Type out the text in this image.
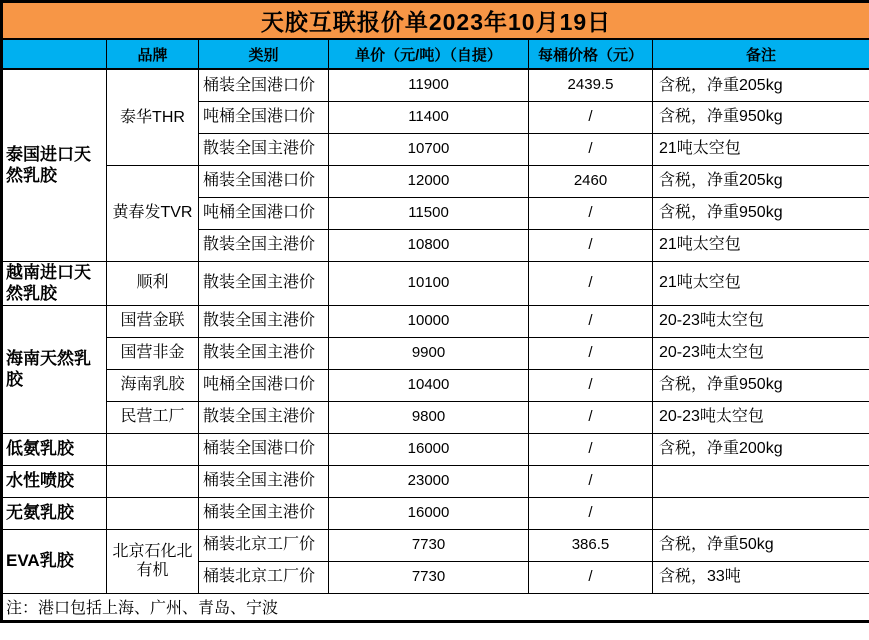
天胶互联报价单2023年10月19日					
	品牌	类别	单价（元/吨）（自提）	每桶价格（元）	备注
泰国进口天然乳胶	泰华THR	桶装全国港口价	11900	2439.5	含税，净重205kg
		吨桶全国港口价	11400	/	含税，净重950kg
		散装全国主港价	10700	/	21吨太空包
	黄春发TVR	桶装全国港口价	12000	2460	含税，净重205kg
		吨桶全国港口价	11500	/	含税，净重950kg
		散装全国主港价	10800	/	21吨太空包
越南进口天然乳胶	顺利	散装全国主港价	10100	/	21吨太空包
海南天然乳胶	国营金联	散装全国主港价	10000	/	20-23吨太空包
	国营非金	散装全国主港价	9900	/	20-23吨太空包
	海南乳胶	吨桶全国港口价	10400	/	含税，净重950kg
	民营工厂	散装全国主港价	9800	/	20-23吨太空包
低氨乳胶		桶装全国港口价	16000	/	含税，净重200kg
水性喷胶		桶装全国主港价	23000	/	
无氨乳胶		桶装全国主港价	16000	/	
EVA乳胶	北京石化北有机	桶装北京工厂价	7730	386.5	含税，净重50kg
		桶装北京工厂价	7730	/	含税，33吨
注：港口包括上海、广州、青岛、宁波					
